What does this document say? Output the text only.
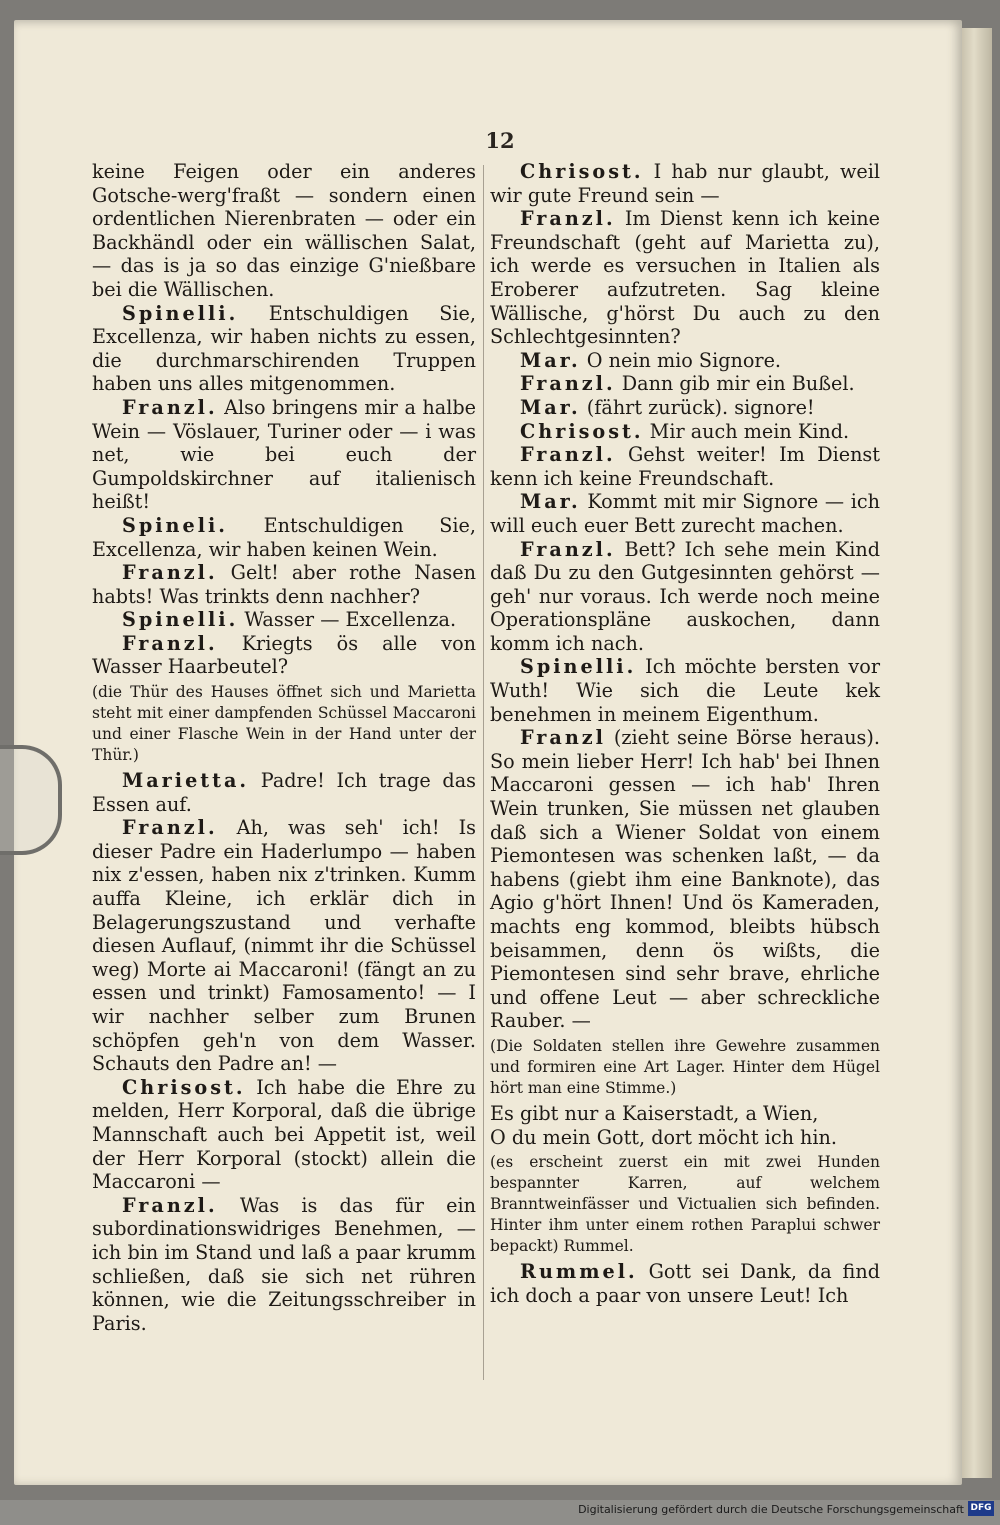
12

keine Feigen oder ein anderes Gotsche-werg'fraßt — sondern einen ordentlichen Nierenbraten — oder ein Backhändl oder ein wällischen Salat, — das is ja so das einzige G'nießbare bei die Wällischen.

Spinelli. Entschuldigen Sie, Excellenza, wir haben nichts zu essen, die durchmarschirenden Truppen haben uns alles mitgenommen.

Franzl. Also bringens mir a halbe Wein — Vöslauer, Turiner oder — i was net, wie bei euch der Gumpoldskirchner auf italienisch heißt!

Spineli. Entschuldigen Sie, Excellenza, wir haben keinen Wein.

Franzl. Gelt! aber rothe Nasen habts! Was trinkts denn nachher?

Spinelli. Wasser — Excellenza.

Franzl. Kriegts ös alle von Wasser Haarbeutel?

(die Thür des Hauses öffnet sich und Marietta steht mit einer dampfenden Schüssel Maccaroni und einer Flasche Wein in der Hand unter der Thür.)

Marietta. Padre! Ich trage das Essen auf.

Franzl. Ah, was seh' ich! Is dieser Padre ein Haderlumpo — haben nix z'essen, haben nix z'trinken. Kumm auffa Kleine, ich erklär dich in Belagerungszustand und verhafte diesen Auflauf, (nimmt ihr die Schüssel weg) Morte ai Maccaroni! (fängt an zu essen und trinkt) Famosamento! — I wir nachher selber zum Brunen schöpfen geh'n von dem Wasser. Schauts den Padre an! —

Chrisost. Ich habe die Ehre zu melden, Herr Korporal, daß die übrige Mannschaft auch bei Appetit ist, weil der Herr Korporal (stockt) allein die Maccaroni —

Franzl. Was is das für ein subordinationswidriges Benehmen, — ich bin im Stand und laß a paar krumm schließen, daß sie sich net rühren können, wie die Zeitungsschreiber in Paris.

Chrisost. I hab nur glaubt, weil wir gute Freund sein —

Franzl. Im Dienst kenn ich keine Freundschaft (geht auf Marietta zu), ich werde es versuchen in Italien als Eroberer aufzutreten. Sag kleine Wällische, g'hörst Du auch zu den Schlechtgesinnten?

Mar. O nein mio Signore.

Franzl. Dann gib mir ein Bußel.

Mar. (fährt zurück). signore!

Chrisost. Mir auch mein Kind.

Franzl. Gehst weiter! Im Dienst kenn ich keine Freundschaft.

Mar. Kommt mit mir Signore — ich will euch euer Bett zurecht machen.

Franzl. Bett? Ich sehe mein Kind daß Du zu den Gutgesinnten gehörst — geh' nur voraus. Ich werde noch meine Operationspläne auskochen, dann komm ich nach.

Spinelli. Ich möchte bersten vor Wuth! Wie sich die Leute kek benehmen in meinem Eigenthum.

Franzl (zieht seine Börse heraus). So mein lieber Herr! Ich hab' bei Ihnen Maccaroni gessen — ich hab' Ihren Wein trunken, Sie müssen net glauben daß sich a Wiener Soldat von einem Piemontesen was schenken laßt, — da habens (giebt ihm eine Banknote), das Agio g'hört Ihnen! Und ös Kameraden, machts eng kommod, bleibts hübsch beisammen, denn ös wißts, die Piemontesen sind sehr brave, ehrliche und offene Leut — aber schreckliche Rauber. —

(Die Soldaten stellen ihre Gewehre zusammen und formiren eine Art Lager. Hinter dem Hügel hört man eine Stimme.)

Es gibt nur a Kaiserstadt, a Wien,

O du mein Gott, dort möcht ich hin.

(es erscheint zuerst ein mit zwei Hunden bespannter Karren, auf welchem Branntweinfässer und Victualien sich befinden. Hinter ihm unter einem rothen Paraplui schwer bepackt) Rummel.

Rummel. Gott sei Dank, da find ich doch a paar von unsere Leut! Ich

Digitalisierung gefördert durch die Deutsche Forschungsgemeinschaft DFG
